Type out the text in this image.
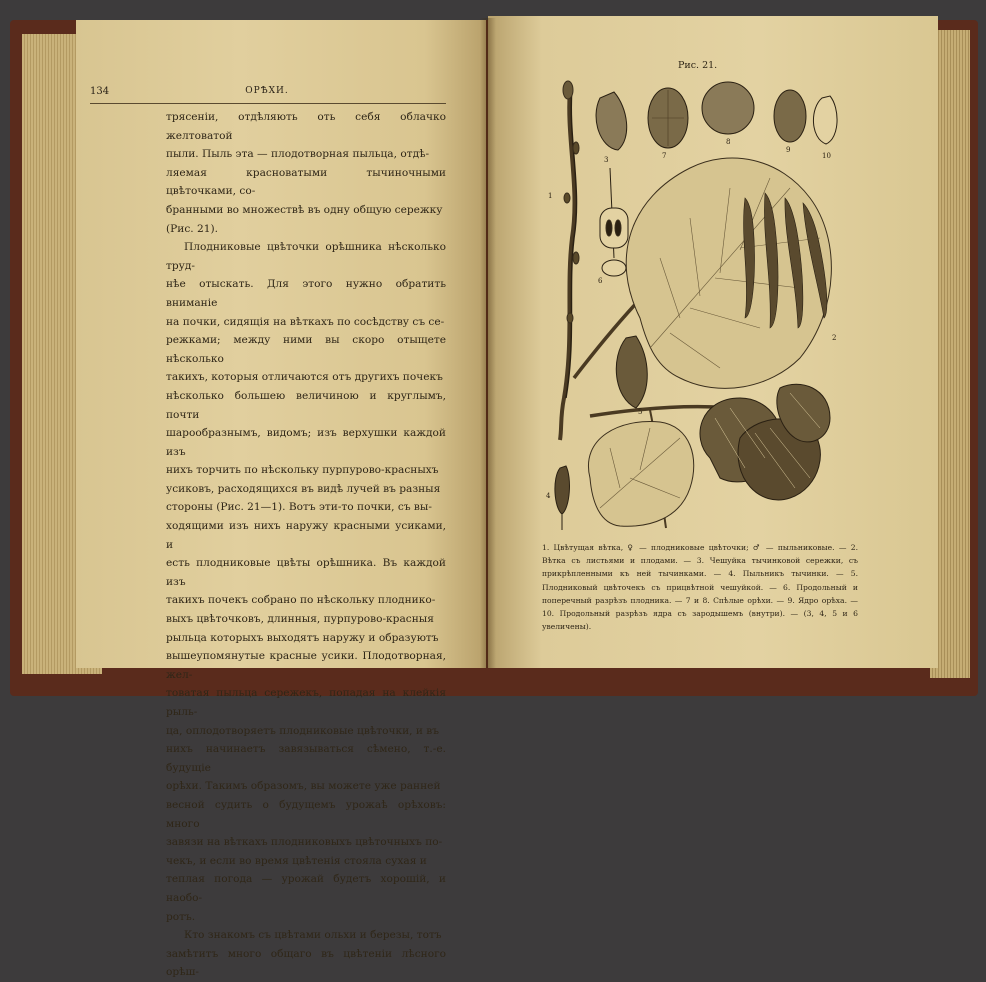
134	ОРѢХИ.

трясеніи, отдѣляють оть себя облачко желтоватой

пыли. Пыль эта — плодотворная пыльца, отдѣ-

ляемая красноватыми тычиночными цвѣточками, со-

бранными во множествѣ въ одну общую сережку

(Рис. 21).

Плодниковые цвѣточки орѣшника нѣсколько труд-

нѣе отыскать. Для этого нужно обратить вниманіе

на почки, сидящія на вѣткахъ по сосѣдству съ се-

режками; между ними вы скоро отыщете нѣсколько

такихъ, которыя отличаются отъ другихъ почекъ

нѣсколько большею величиною и круглымъ, почти

шарообразнымъ, видомъ; изъ верхушки каждой изъ

нихъ торчить по нѣскольку пурпурово-красныхъ

усиковъ, расходящихся въ видѣ лучей въ разныя

стороны (Рис. 21—1). Вотъ эти-то почки, съ вы-

ходящими изъ нихъ наружу красными усиками, и

есть плодниковые цвѣты орѣшника. Въ каждой изъ

такихъ почекъ собрано по нѣскольку плоднико-

выхъ цвѣточковъ, длинныя, пурпурово-красныя

рыльца которыхъ выходятъ наружу и образуютъ

вышеупомянутые красные усики. Плодотворная, жел-

товатая пыльца сережекъ, попадая на клейкія рыль-

ца, оплодотворяетъ плодниковые цвѣточки, и въ

нихъ начинаетъ завязываться сѣмено, т.-е. будущіе

орѣхи. Такимъ образомъ, вы можете уже ранней

весной судить о будущемъ урожаѣ орѣховъ: много

завязи на вѣткахъ плодниковыхъ цвѣточныхъ по-

чекъ, и если во время цвѣтенія стояла сухая и

теплая погода — урожай будетъ хорошій, и наобо-

ротъ.

Кто знакомъ съ цвѣтами ольхи и березы, тотъ

замѣтитъ много общаго въ цвѣтеніи лѣсного орѣш-

Рис. 21.
1
2
3
4
5
6
7
8
9
10
1. Цвѣтущая вѣтка, ♀ — плодниковые цвѣточки; ♂ — пыльниковые. — 2. Вѣтка съ листьями и плодами. — 3. Чешуйка тычинковой сережки, съ прикрѣпленными къ ней тычинками. — 4. Пыльникъ тычинки. — 5. Плодниковый цвѣточекъ съ прицвѣтной чешуйкой. — 6. Продольный и поперечный разрѣзъ плодника. — 7 и 8. Спѣлые орѣхи. — 9. Ядро орѣха. — 10. Продольный разрѣзъ ядра съ зародышемъ (внутри). — (3, 4, 5 и 6 увеличены).
